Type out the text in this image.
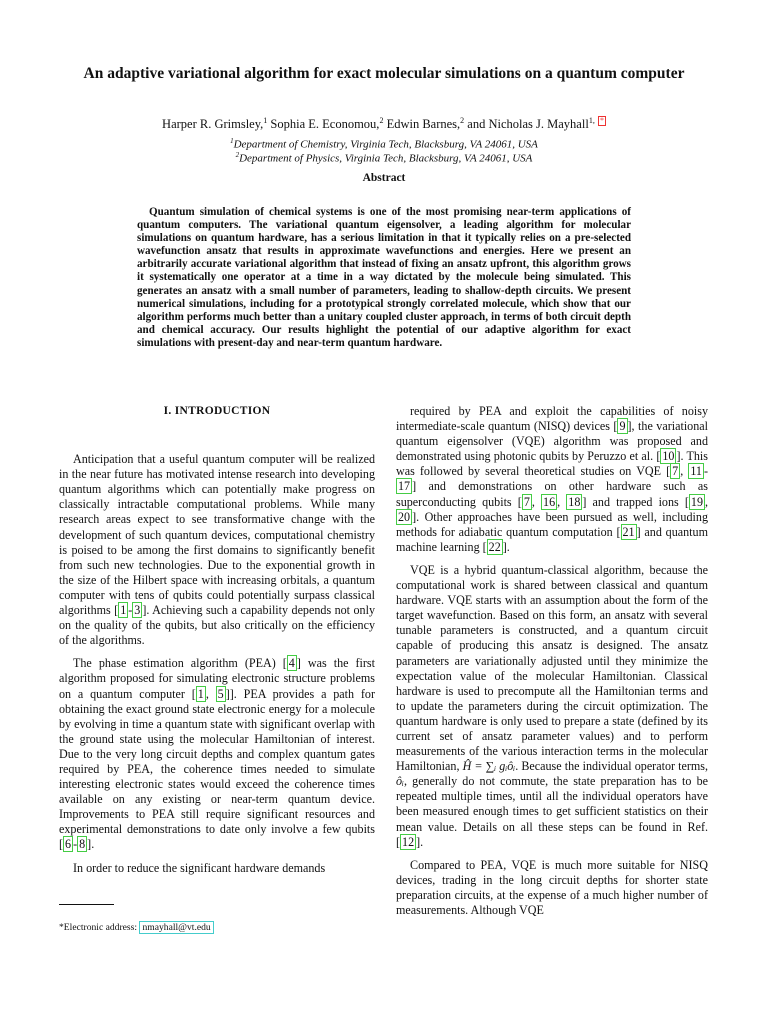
An adaptive variational algorithm for exact molecular simulations on a quantum computer
Harper R. Grimsley,$^1$ Sophia E. Economou,$^2$ Edwin Barnes,$^2$ and Nicholas J. Mayhall$^{1,}$ *
$^1$Department of Chemistry, Virginia Tech, Blacksburg, VA 24061, USA
$^2$Department of Physics, Virginia Tech, Blacksburg, VA 24061, USA
Abstract
Quantum simulation of chemical systems is one of the most promising near-term applications of quantum computers. The variational quantum eigensolver, a leading algorithm for molecular simulations on quantum hardware, has a serious limitation in that it typically relies on a pre-selected wavefunction ansatz that results in approximate wavefunctions and energies. Here we present an arbitrarily accurate variational algorithm that instead of fixing an ansatz upfront, this algorithm grows it systematically one operator at a time in a way dictated by the molecule being simulated. This generates an ansatz with a small number of parameters, leading to shallow-depth circuits. We present numerical simulations, including for a prototypical strongly correlated molecule, which show that our algorithm performs much better than a unitary coupled cluster approach, in terms of both circuit depth and chemical accuracy. Our results highlight the potential of our adaptive algorithm for exact simulations with present-day and near-term quantum hardware.
I. INTRODUCTION

Anticipation that a useful quantum computer will be realized in the near future has motivated intense research into developing quantum algorithms which can potentially make progress on classically intractable computational problems. While many research areas expect to see transformative change with the development of such quantum devices, computational chemistry is poised to be among the first domains to significantly benefit from such new technologies. Due to the exponential growth in the size of the Hilbert space with increasing orbitals, a quantum computer with tens of qubits could potentially surpass classical algorithms [ 1 - 3 ]. Achieving such a capability depends not only on the quality of the qubits, but also critically on the efficiency of the algorithms.

The phase estimation algorithm (PEA) [ 4 ] was the first algorithm proposed for simulating electronic structure problems on a quantum computer [ 1 , 5 ]]. PEA provides a path for obtaining the exact ground state electronic energy for a molecule by evolving in time a quantum state with significant overlap with the ground state using the molecular Hamiltonian of interest. Due to the very long circuit depths and complex quantum gates required by PEA, the coherence times needed to simulate interesting electronic states would exceed the coherence times available on any existing or near-term quantum device. Improvements to PEA still require significant resources and experimental demonstrations to date only involve a few qubits [ 6 - 8 ].

In order to reduce the significant hardware demands

required by PEA and exploit the capabilities of noisy intermediate-scale quantum (NISQ) devices [ 9 ], the variational quantum eigensolver (VQE) algorithm was proposed and demonstrated using photonic qubits by Peruzzo et al. [ 10 ]. This was followed by several theoretical studies on VQE [ 7 , 11 -17 ] and demonstrations on other hardware such as superconducting qubits [ 7 , 16 , 18 ] and trapped ions [ 19 , 20 ]. Other approaches have been pursued as well, including methods for adiabatic quantum computation [ 21 ] and quantum machine learning [ 22 ].

VQE is a hybrid quantum-classical algorithm, because the computational work is shared between classical and quantum hardware. VQE starts with an assumption about the form of the target wavefunction. Based on this form, an ansatz with several tunable parameters is constructed, and a quantum circuit capable of producing this ansatz is designed. The ansatz parameters are variationally adjusted until they minimize the expectation value of the molecular Hamiltonian. Classical hardware is used to precompute all the Hamiltonian terms and to update the parameters during the circuit optimization. The quantum hardware is only used to prepare a state (defined by its current set of ansatz parameter values) and to perform measurements of the various interaction terms in the molecular Hamiltonian, Ĥ = ∑ᵢ gᵢôᵢ. Because the individual operator terms, ôᵢ, generally do not commute, the state preparation has to be repeated multiple times, until all the individual operators have been measured enough times to get sufficient statistics on their mean value. Details on all these steps can be found in Ref. [ 12 ].

Compared to PEA, VQE is much more suitable for NISQ devices, trading in the long circuit depths for shorter state preparation circuits, at the expense of a much higher number of measurements. Although VQE

*Electronic address: nmayhall@vt.edu
